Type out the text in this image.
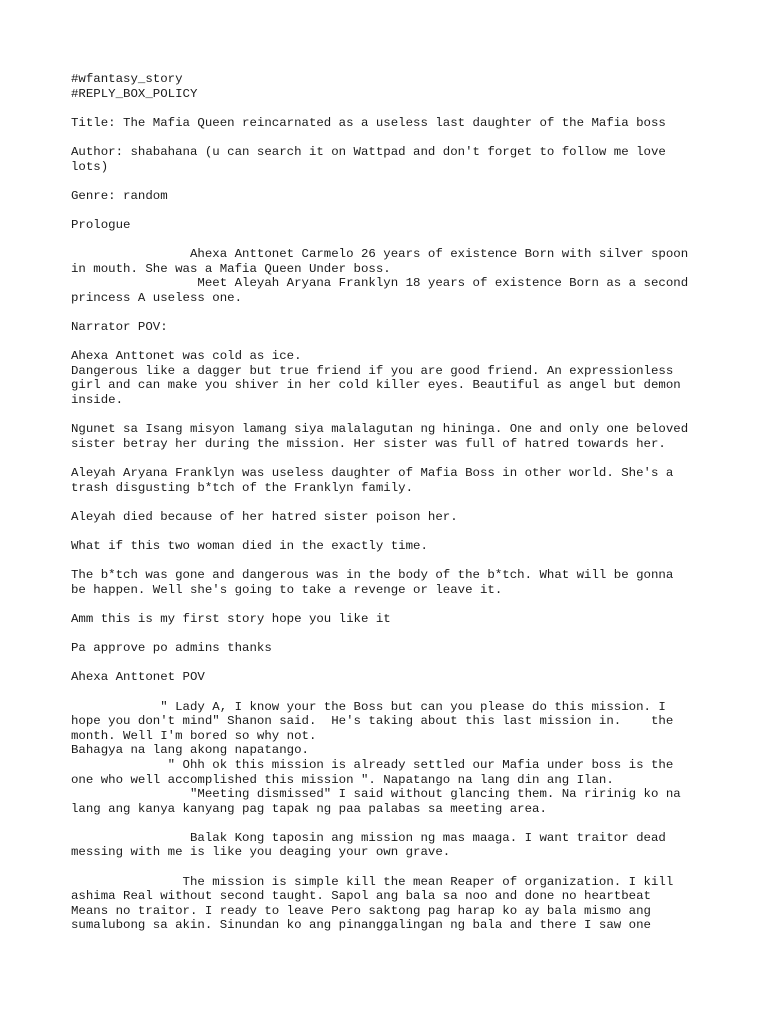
#wfantasy_story
#REPLY_BOX_POLICY
Title: The Mafia Queen reincarnated as a useless last daughter of the Mafia boss
Author: shabahana (u can search it on Wattpad and don't forget to follow me love
lots)
Genre: random
Prologue
Ahexa Anttonet Carmelo 26 years of existence Born with silver spoon
in mouth. She was a Mafia Queen Under boss.
Meet Aleyah Aryana Franklyn 18 years of existence Born as a second
princess A useless one.
Narrator POV:
Ahexa Anttonet was cold as ice.
Dangerous like a dagger but true friend if you are good friend. An expressionless
girl and can make you shiver in her cold killer eyes. Beautiful as angel but demon
inside.
Ngunet sa Isang misyon lamang siya malalagutan ng hininga. One and only one beloved
sister betray her during the mission. Her sister was full of hatred towards her.
Aleyah Aryana Franklyn was useless daughter of Mafia Boss in other world. She's a
trash disgusting b*tch of the Franklyn family.
Aleyah died because of her hatred sister poison her.
What if this two woman died in the exactly time.
The b*tch was gone and dangerous was in the body of the b*tch. What will be gonna
be happen. Well she's going to take a revenge or leave it.
Amm this is my first story hope you like it
Pa approve po admins thanks
Ahexa Anttonet POV
" Lady A, I know your the Boss but can you please do this mission. I
hope you don't mind" Shanon said.  He's taking about this last mission in.    the
month. Well I'm bored so why not.
Bahagya na lang akong napatango.
" Ohh ok this mission is already settled our Mafia under boss is the
one who well accomplished this mission ". Napatango na lang din ang Ilan.
"Meeting dismissed" I said without glancing them. Na ririnig ko na
lang ang kanya kanyang pag tapak ng paa palabas sa meeting area.
Balak Kong taposin ang mission ng mas maaga. I want traitor dead
messing with me is like you deaging your own grave.
The mission is simple kill the mean Reaper of organization. I kill
ashima Real without second taught. Sapol ang bala sa noo and done no heartbeat
Means no traitor. I ready to leave Pero saktong pag harap ko ay bala mismo ang
sumalubong sa akin. Sinundan ko ang pinanggalingan ng bala and there I saw one
